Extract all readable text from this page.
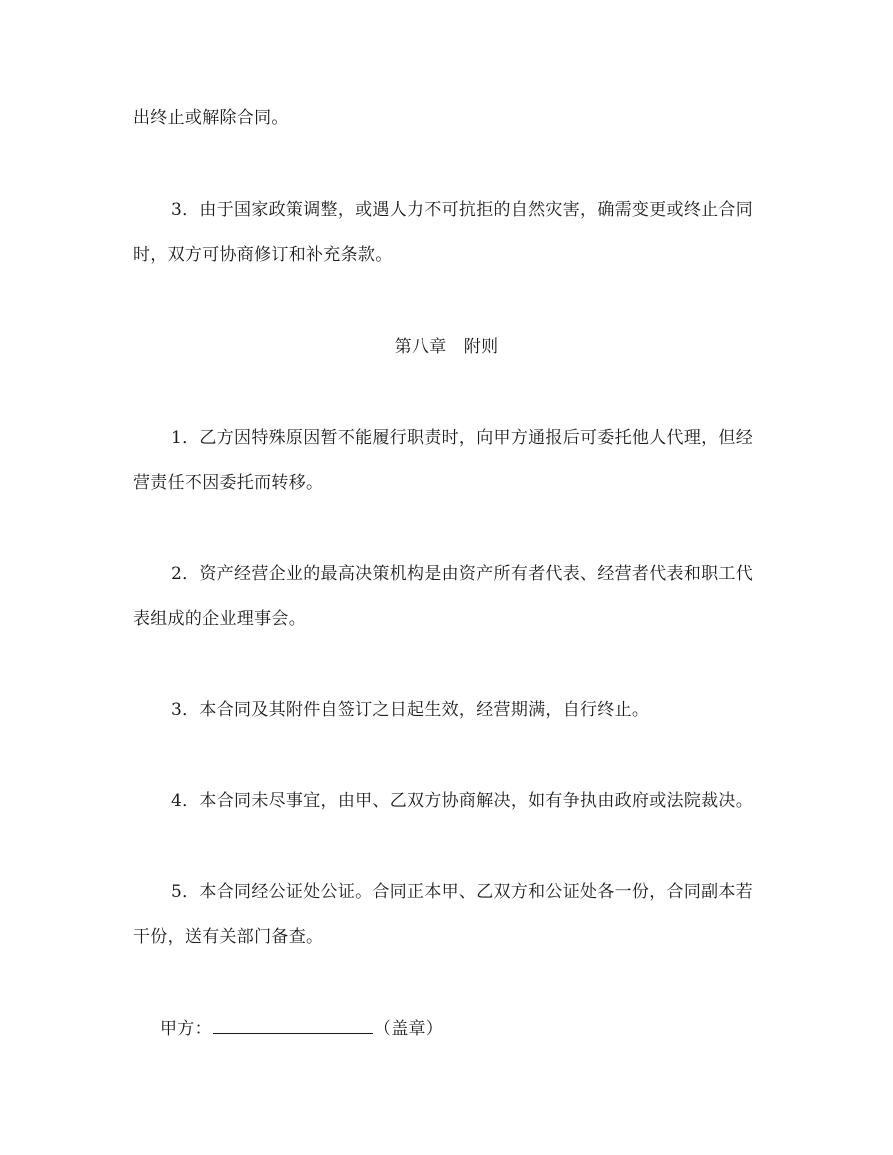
出终止或解除合同。
3．由于国家政策调整，或遇人力不可抗拒的自然灾害，确需变更或终止合同
时，双方可协商修订和补充条款。
第八章　附则
1．乙方因特殊原因暂不能履行职责时，向甲方通报后可委托他人代理，但经
营责任不因委托而转移。
2．资产经营企业的最高决策机构是由资产所有者代表、经营者代表和职工代
表组成的企业理事会。
3．本合同及其附件自签订之日起生效，经营期满，自行终止。
4．本合同未尽事宜，由甲、乙双方协商解决，如有争执由政府或法院裁决。
5．本合同经公证处公证。合同正本甲、乙双方和公证处各一份，合同副本若
干份，送有关部门备查。
甲方：	（盖章）
